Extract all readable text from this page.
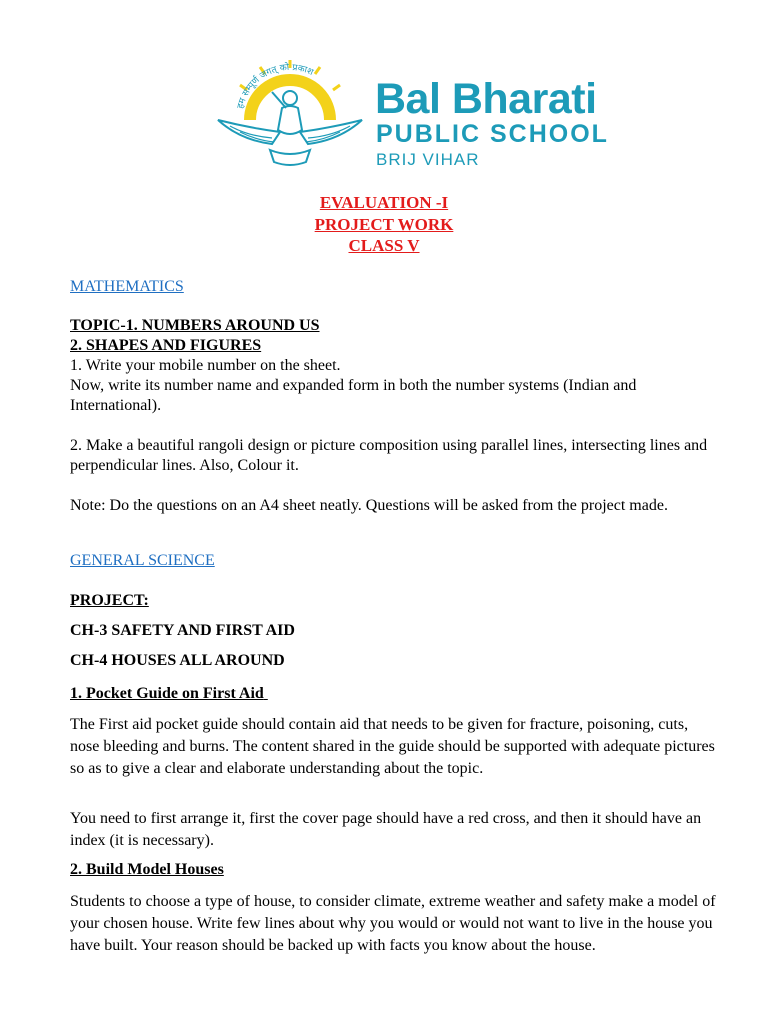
हम सम्पूर्ण जगत् को प्रकाश
Bal Bharati
PUBLIC SCHOOL
BRIJ VIHAR
EVALUATION -I
PROJECT WORK
CLASS V
MATHEMATICS

TOPIC-1. NUMBERS AROUND US

2. SHAPES AND FIGURES

1. Write your mobile number on the sheet.

Now, write its number name and expanded form in both the number systems (Indian and International).

2. Make a beautiful rangoli design or picture composition using parallel lines, intersecting lines and perpendicular lines. Also, Colour it.

Note: Do the questions on an A4 sheet neatly. Questions will be asked from the project made.

GENERAL SCIENCE

PROJECT:

CH-3 SAFETY AND FIRST AID

CH-4 HOUSES ALL AROUND

1. Pocket Guide on First Aid

The First aid pocket guide should contain aid that needs to be given for fracture, poisoning, cuts, nose bleeding and burns. The content shared in the guide should be supported with adequate pictures so as to give a clear and elaborate understanding about the topic.

You need to first arrange it, first the cover page should have a red cross, and then it should have an index (it is necessary).

2. Build Model Houses

Students to choose a type of house, to consider climate, extreme weather and safety make a model of your chosen house. Write few lines about why you would or would not want to live in the house you have built. Your reason should be backed up with facts you know about the house.
